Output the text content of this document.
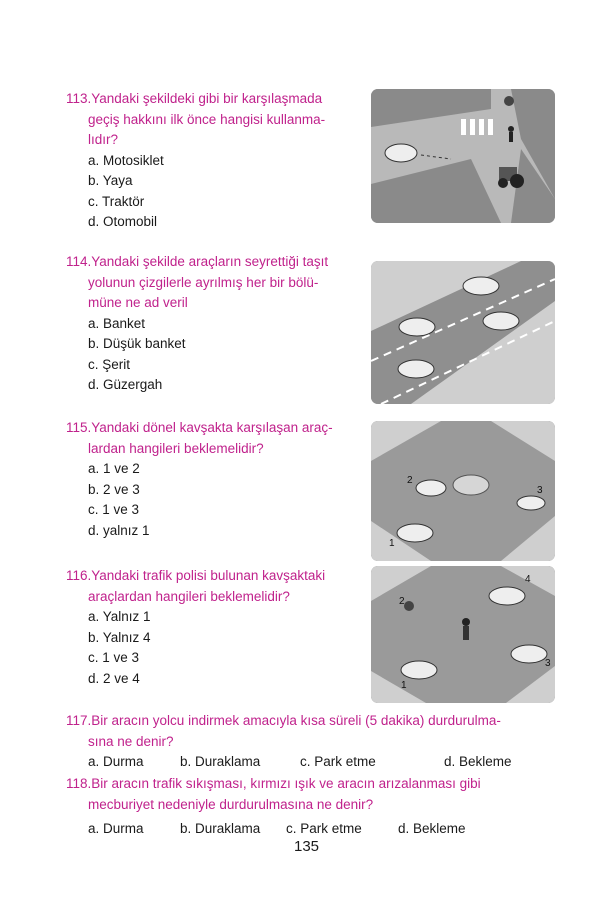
113.Yandaki şekildeki gibi bir karşılaşmada
geçiş hakkını ilk önce hangisi kullanma-
lıdır?
a. Motosiklet
b. Yaya
c. Traktör
d. Otomobil
114.Yandaki şekilde araçların seyrettiği taşıt
yolunun çizgilerle ayrılmış her bir bölü-
müne ne ad veril
a. Banket
b. Düşük banket
c. Şerit
d. Güzergah
115.Yandaki dönel kavşakta karşılaşan araç-
lardan hangileri beklemelidir?
a. 1 ve 2
b. 2 ve 3
c. 1 ve 3
d. yalnız 1
1
2
3
116.Yandaki trafik polisi bulunan kavşaktaki
araçlardan hangileri beklemelidir?
a. Yalnız 1
b. Yalnız 4
c. 1 ve 3
d. 2 ve 4	1
2
3
4
117.Bir aracın yolcu indirmek amacıyla kısa süreli (5 dakika) durdurulma-
sına ne denir?
a. Durma	b. Duraklama	c. Park etme	d. Bekleme
118.Bir aracın trafik sıkışması, kırmızı ışık ve aracın arızalanması gibi
mecburiyet nedeniyle durdurulmasına ne denir?
a. Durma	b. Duraklama	c. Park etme	d. Bekleme
135
